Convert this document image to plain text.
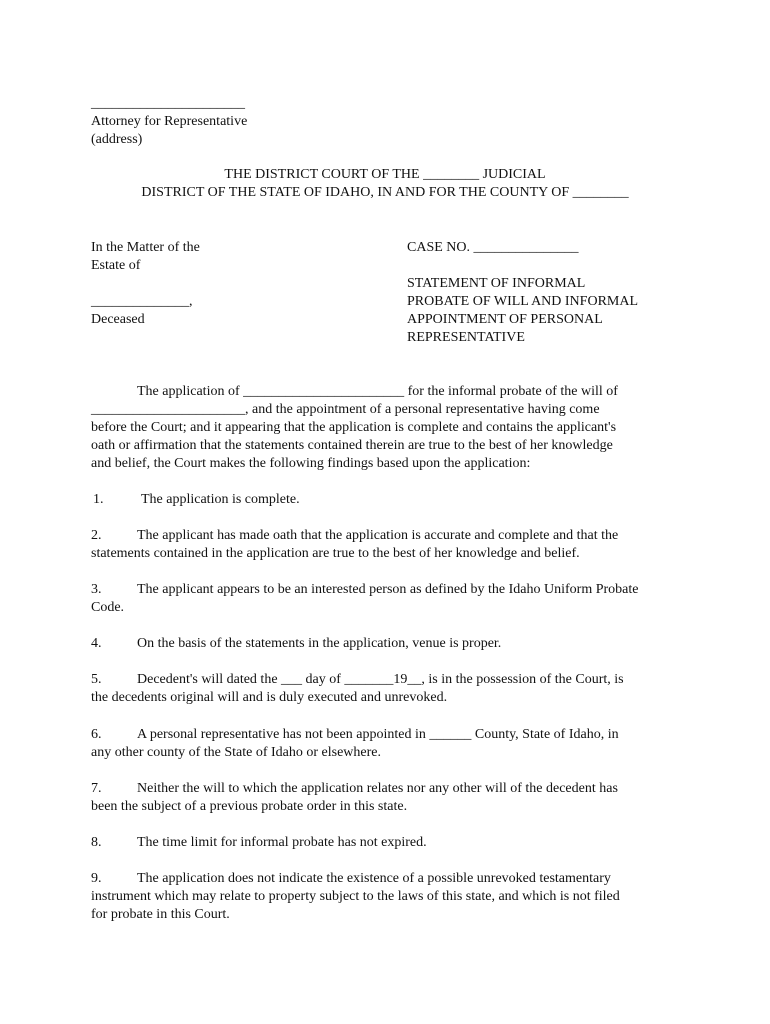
______________________
Attorney for Representative
(address)
THE DISTRICT COURT OF THE ________ JUDICIAL
DISTRICT OF THE STATE OF IDAHO, IN AND FOR THE COUNTY OF ________
In the Matter of the
Estate of
______________,
Deceased
CASE NO. _______________
STATEMENT OF INFORMAL
PROBATE OF WILL AND INFORMAL
APPOINTMENT OF PERSONAL
REPRESENTATIVE
The application of _______________________ for the informal probate of the will of
______________________, and the appointment of a personal representative having come
before the Court; and it appearing that the application is complete and contains the applicant's
oath or affirmation that the statements contained therein are true to the best of her knowledge
and belief, the Court makes the following findings based upon the application:
1.	The application is complete.
2.	The applicant has made oath that the application is accurate and complete and that the
statements contained in the application are true to the best of her knowledge and belief.
3.	The applicant appears to be an interested person as defined by the Idaho Uniform Probate
Code.
4.	On the basis of the statements in the application, venue is proper.
5.	Decedent's will dated the ___ day of _______19__, is in the possession of the Court, is
the decedents original will and is duly executed and unrevoked.
6.	A personal representative has not been appointed in ______ County, State of Idaho, in
any other county of the State of Idaho or elsewhere.
7.	Neither the will to which the application relates nor any other will of the decedent has
been the subject of a previous probate order in this state.
8.	The time limit for informal probate has not expired.
9.	The application does not indicate the existence of a possible unrevoked testamentary
instrument which may relate to property subject to the laws of this state, and which is not filed
for probate in this Court.
